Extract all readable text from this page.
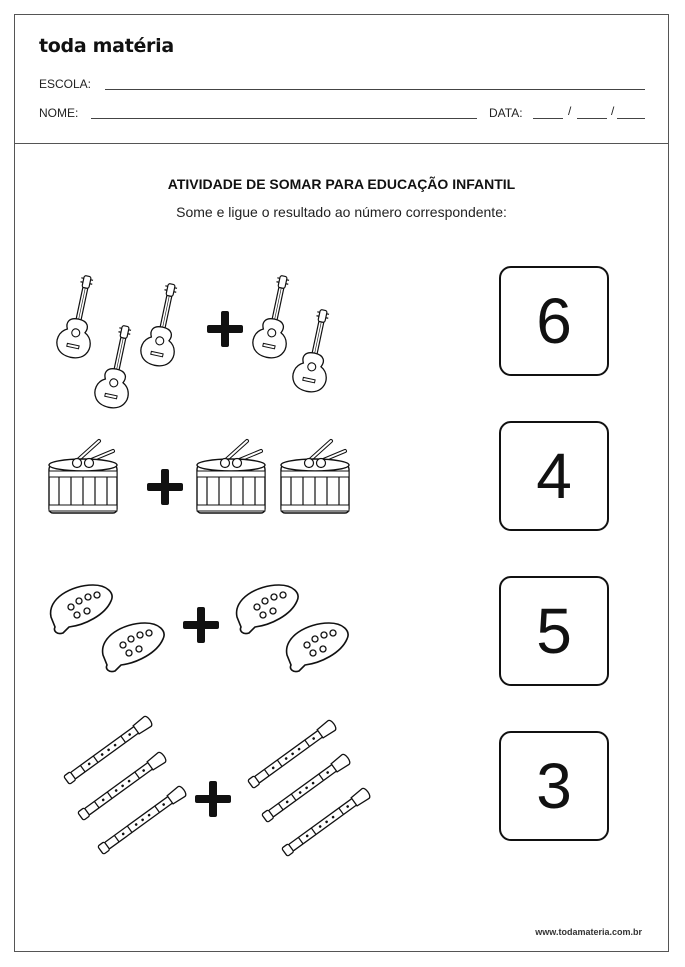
toda matéria
ESCOLA:
NOME:	DATA:	/	/
ATIVIDADE DE SOMAR PARA EDUCAÇÃO INFANTIL
Some e ligue o resultado ao número correspondente:
6
4
5
3
www.todamateria.com.br
